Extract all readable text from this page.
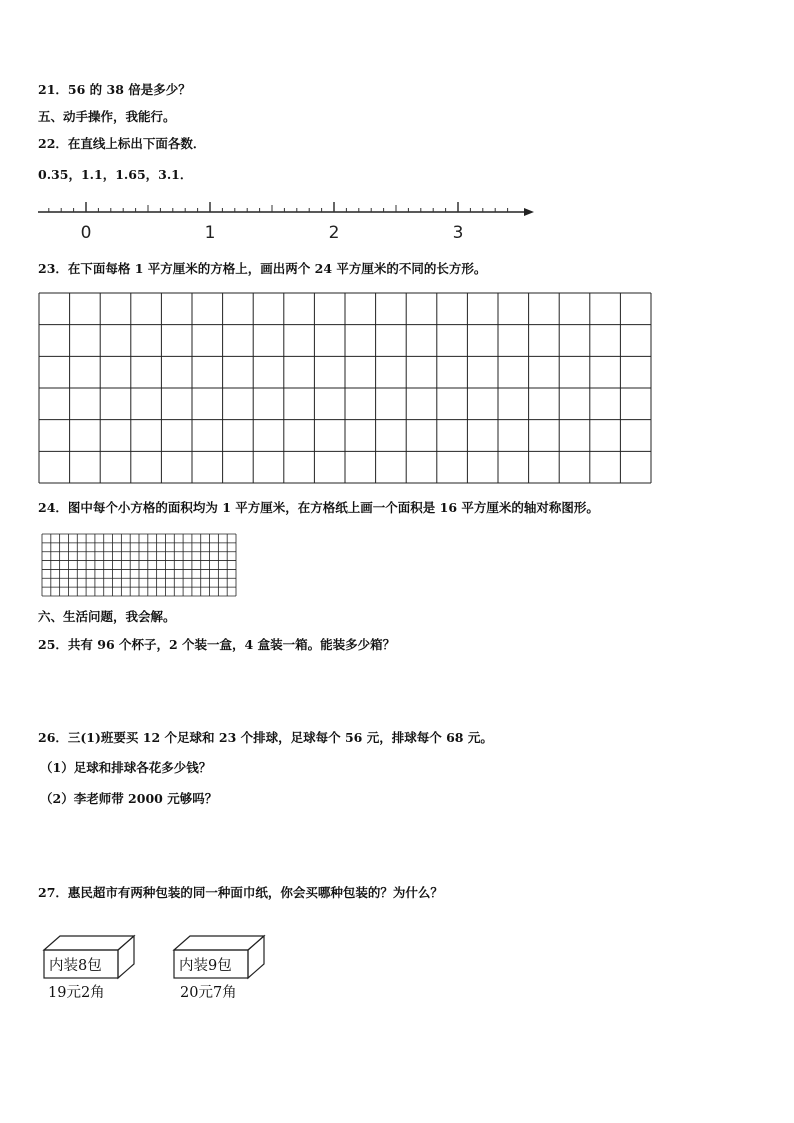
21．56 的 38 倍是多少？
五、动手操作，我能行。
22．在直线上标出下面各数．
0.35，1.1，1.65，3.1．
0	1	2	3
23．在下面每格 1 平方厘米的方格上，画出两个 24 平方厘米的不同的长方形。
24．图中每个小方格的面积均为 1 平方厘米，在方格纸上画一个面积是 16 平方厘米的轴对称图形。
六、生活问题，我会解。
25．共有 96 个杯子，2 个装一盒，4 盒装一箱。能装多少箱？
26．三(1)班要买 12 个足球和 23 个排球，足球每个 56 元，排球每个 68 元。
（1）足球和排球各花多少钱？
（2）李老师带 2000 元够吗？
27．惠民超市有两种包装的同一种面巾纸，你会买哪种包装的？为什么？
内装8包
19元2角
内装9包
20元7角
